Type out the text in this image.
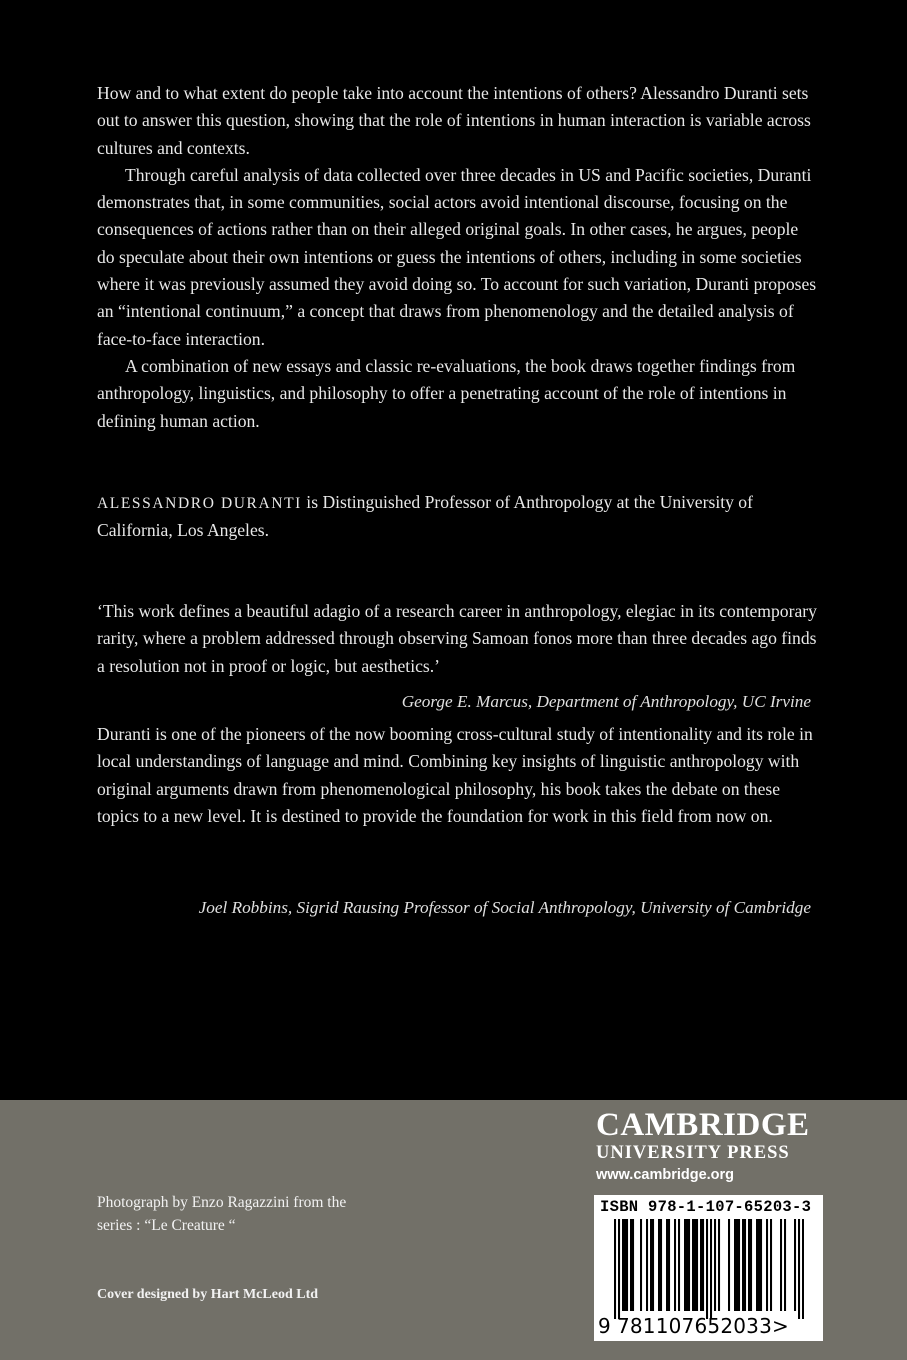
How and to what extent do people take into account the intentions of others? Alessandro Duranti sets out to answer this question, showing that the role of intentions in human interaction is variable across cultures and contexts.

Through careful analysis of data collected over three decades in US and Pacific societies, Duranti demonstrates that, in some communities, social actors avoid intentional discourse, focusing on the consequences of actions rather than on their alleged original goals. In other cases, he argues, people do speculate about their own intentions or guess the intentions of others, including in some societies where it was previously assumed they avoid doing so. To account for such variation, Duranti proposes an “intentional continuum,” a concept that draws from phenomenology and the detailed analysis of face-to-face interaction.

A combination of new essays and classic re-evaluations, the book draws together findings from anthropology, linguistics, and philosophy to offer a penetrating account of the role of intentions in defining human action.

ALESSANDRO DURANTI is Distinguished Professor of Anthropology at the University of California, Los Angeles.
‘This work defines a beautiful adagio of a research career in anthropology, elegiac in its contemporary rarity, where a problem addressed through observing Samoan fonos more than three decades ago finds a resolution not in proof or logic, but aesthetics.’
George E. Marcus, Department of Anthropology, UC Irvine
Duranti is one of the pioneers of the now booming cross-cultural study of intentionality and its role in local understandings of language and mind. Combining key insights of linguistic anthropology with original arguments drawn from phenomenological philosophy, his book takes the debate on these topics to a new level. It is destined to provide the foundation for work in this field from now on.
Joel Robbins, Sigrid Rausing Professor of Social Anthropology, University of Cambridge
Photograph by Enzo Ragazzini from the series : “Le Creature “
Cover designed by Hart McLeod Ltd
CAMBRIDGE
UNIVERSITY PRESS
www.cambridge.org
ISBN 978-1-107-65203-3
9 781107652033>
